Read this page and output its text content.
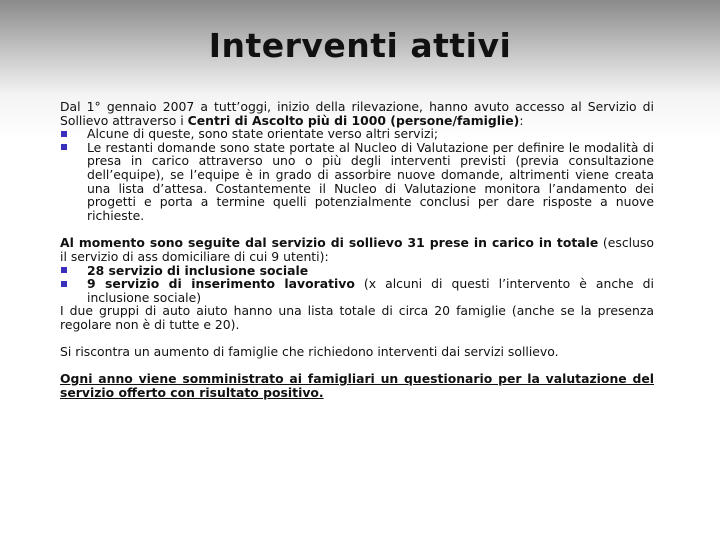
Interventi attivi

Dal 1° gennaio 2007 a tutt’oggi, inizio della rilevazione, hanno avuto accesso al Servizio di Sollievo attraverso i Centri di Ascolto più di 1000 (persone/famiglie):

Alcune di queste, sono state orientate verso altri servizi;

Le restanti domande sono state portate al Nucleo di Valutazione per definire le modalità di presa in carico attraverso uno o più degli interventi previsti (previa consultazione dell’equipe), se l’equipe è in grado di assorbire nuove domande, altrimenti viene creata una lista d’attesa. Costantemente il Nucleo di Valutazione monitora l’andamento dei progetti e porta a termine quelli potenzialmente conclusi per dare risposte a nuove richieste.

Al momento sono seguite dal servizio di sollievo 31 prese in carico in totale (escluso il servizio di ass domiciliare di cui 9 utenti):

28 servizio di inclusione sociale

9 servizio di inserimento lavorativo (x alcuni di questi l’intervento è anche di inclusione sociale)

I due gruppi di auto aiuto hanno una lista totale di circa 20 famiglie (anche se la presenza regolare non è di tutte e 20).

Si riscontra un aumento di famiglie che richiedono interventi dai servizi sollievo.

Ogni anno viene somministrato ai famigliari un questionario per la valutazione del servizio offerto con risultato positivo.
